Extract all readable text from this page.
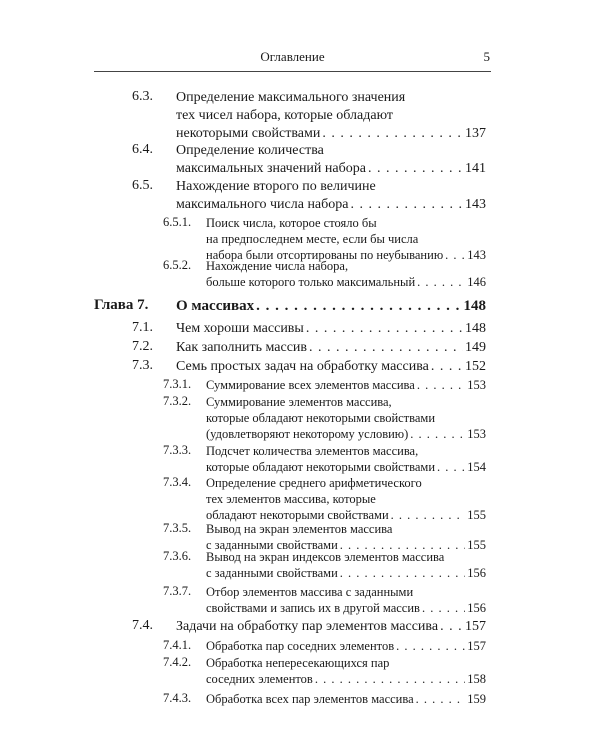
Оглавление	5
6.3. Определение максимального значения
тех чисел набора, которые обладают
некоторыми свойствами . . .	137
6.4. Определение количества
максимальных значений набора . . .	141
6.5. Нахождение второго по величине
максимального числа набора . . .	143
6.5.1. Поиск числа, которое стояло бы
на предпоследнем месте, если бы числа
набора были отсортированы по неубыванию . . . 143
6.5.2. Нахождение числа набора,
больше которого только максимальный . . .	146
Глава 7. О массивах . . .	148
7.1. Чем хороши массивы . . .	148
7.2. Как заполнить массив . . .	149
7.3. Семь простых задач на обработку массива . . .	152
7.3.1. Суммирование всех элементов массива . . .	153
7.3.2. Суммирование элементов массива,
которые обладают некоторыми свойствами
(удовлетворяют некоторому условию) . . .	153
7.3.3. Подсчет количества элементов массива,
которые обладают некоторыми свойствами . . .	154
7.3.4. Определение среднего арифметического
тех элементов массива, которые
обладают некоторыми свойствами . . .	155
7.3.5. Вывод на экран элементов массива
с заданными свойствами . . .	155
7.3.6. Вывод на экран индексов элементов массива
с заданными свойствами . . .	156
7.3.7. Отбор элементов массива с заданными
свойствами и запись их в другой массив . . .	156
7.4. Задачи на обработку пар элементов массива . . . 157
7.4.1. Обработка пар соседних элементов . . .	157
7.4.2. Обработка непересекающихся пар
соседних элементов . . .	158
7.4.3. Обработка всех пар элементов массива . . .	159
